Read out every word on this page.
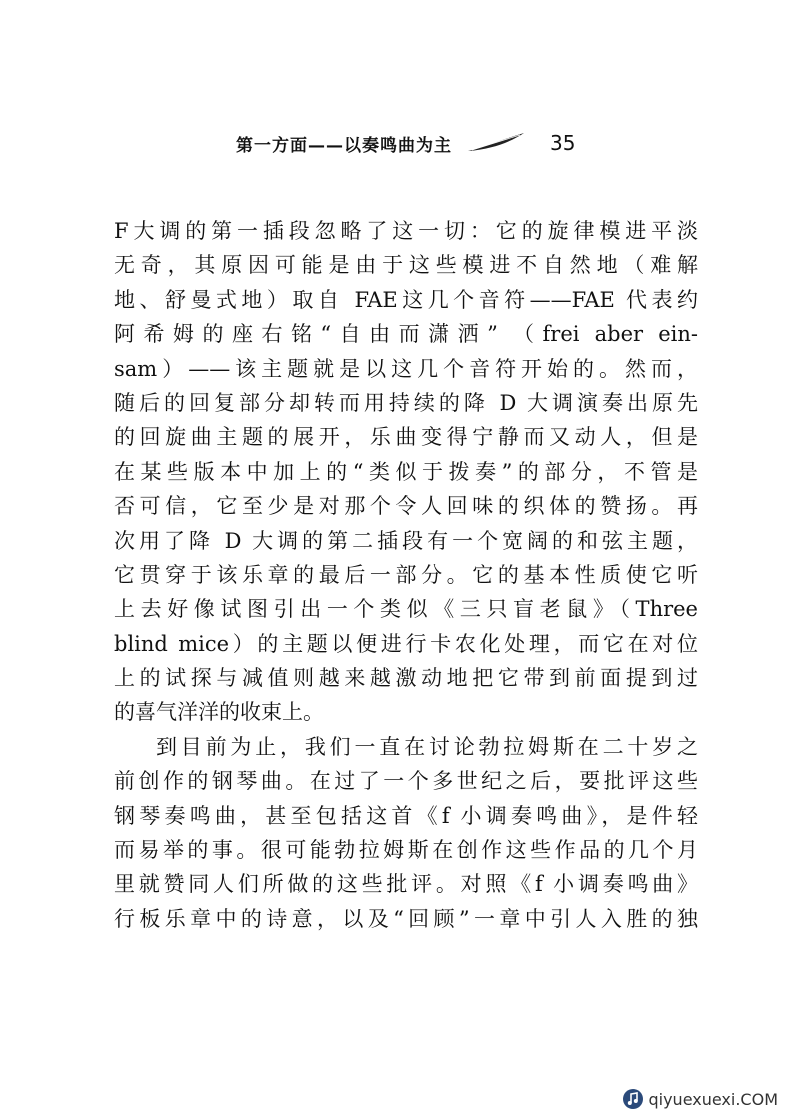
第一方面——以奏鸣曲为主	35
F大调的第一插段忽略了这一切：它的旋律模进平淡
无奇，其原因可能是由于这些模进不自然地（难解
地、舒曼式地）取自 FAE这几个音符——FAE 代表约
阿希姆的座右铭“自由而潇洒” （frei aber ein-
sam）——该主题就是以这几个音符开始的。然而，
随后的回复部分却转而用持续的降 D 大调演奏出原先
的回旋曲主题的展开，乐曲变得宁静而又动人，但是
在某些版本中加上的“类似于拨奏”的部分，不管是
否可信，它至少是对那个令人回味的织体的赞扬。再
次用了降 D 大调的第二插段有一个宽阔的和弦主题，
它贯穿于该乐章的最后一部分。它的基本性质使它听
上去好像试图引出一个类似《三只盲老鼠》（Three
blind mice）的主题以便进行卡农化处理，而它在对位
上的试探与减值则越来越激动地把它带到前面提到过
的喜气洋洋的收束上。
到目前为止，我们一直在讨论勃拉姆斯在二十岁之
前创作的钢琴曲。在过了一个多世纪之后，要批评这些
钢琴奏鸣曲，甚至包括这首《f 小调奏鸣曲》，是件轻
而易举的事。很可能勃拉姆斯在创作这些作品的几个月
里就赞同人们所做的这些批评。对照《f 小调奏鸣曲》
行板乐章中的诗意，以及“回顾”一章中引人入胜的独
qiyuexuexi.COM
